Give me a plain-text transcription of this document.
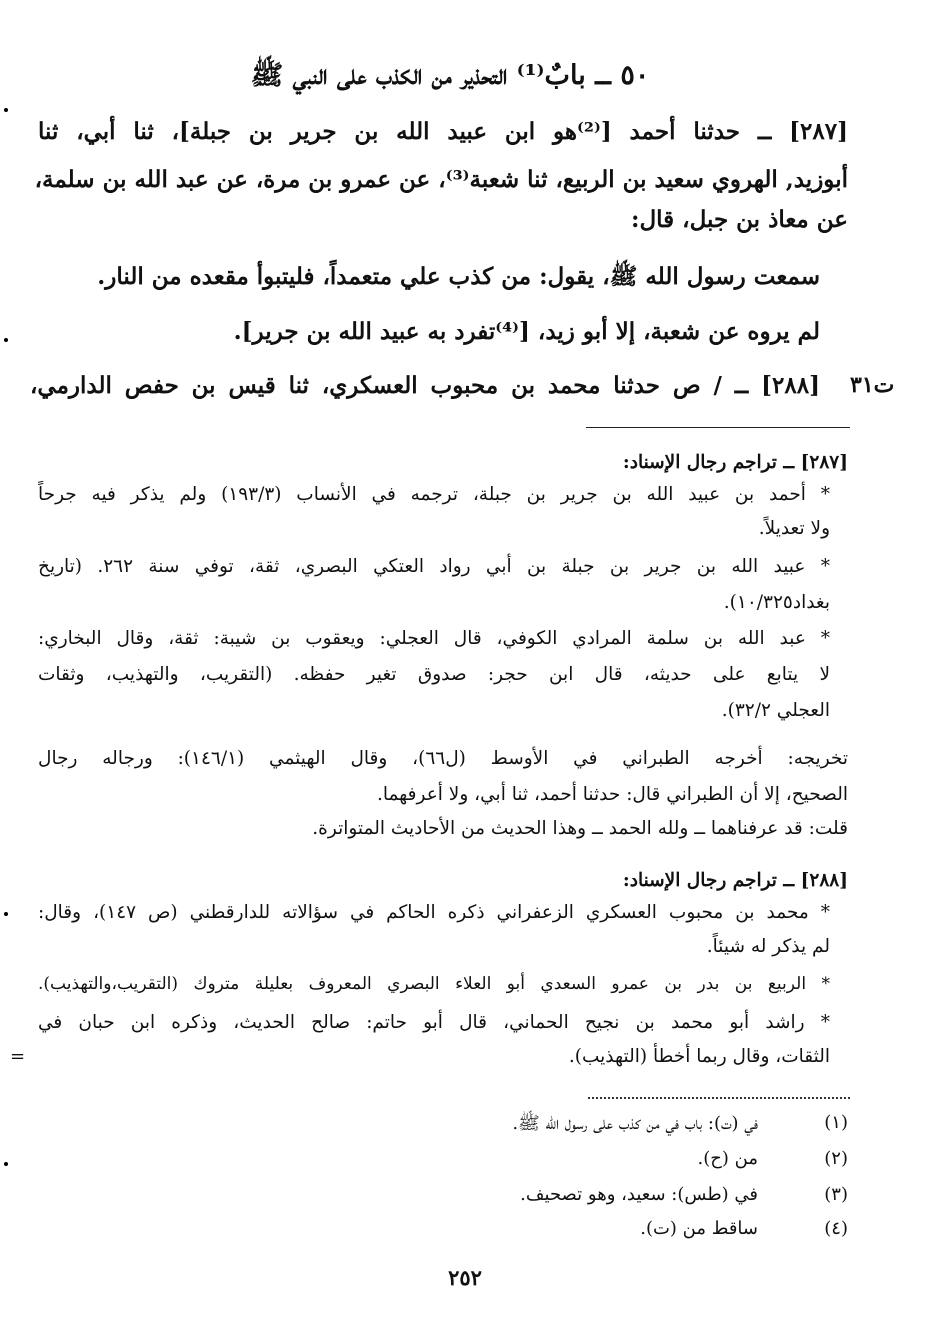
٥٠ ــ بابٌ⁽¹⁾ التحذير من الكذب على النبي ﷺ
[٢٨٧] ــ حدثنا أحمد [⁽²⁾هو ابن عبيد الله بن جرير بن جبلة]، ثنا أبي، ثنا
أبوزيد, الهروي سعيد بن الربيع، ثنا شعبة⁽³⁾، عن عمرو بن مرة، عن عبد الله بن سلمة،
عن معاذ بن جبل، قال:
سمعت رسول الله ﷺ، يقول: من كذب علي متعمداً، فليتبوأ مقعده من النار.
لم يروه عن شعبة، إلا أبو زيد، [⁽⁴⁾تفرد به عبيد الله بن جرير].
[٢٨٨] ــ / ص حدثنا محمد بن محبوب العسكري، ثنا قيس بن حفص الدارمي، ت٣١
[٢٨٧] ــ تراجم رجال الإسناد:
* أحمد بن عبيد الله بن جرير بن جبلة، ترجمه في الأنساب (١٩٣/٣) ولم يذكر فيه جرحاً
ولا تعديلاً.
* عبيد الله بن جرير بن جبلة بن أبي رواد العتكي البصري، ثقة، توفي سنة ٢٦٢. (تاريخ
بغداد١٠/٣٢٥).
* عبد الله بن سلمة المرادي الكوفي، قال العجلي: ويعقوب بن شيبة: ثقة، وقال البخاري:
لا يتابع على حديثه، قال ابن حجر: صدوق تغير حفظه. (التقريب، والتهذيب، وثقات
العجلي ٣٢/٢).
تخريجه: أخرجه الطبراني في الأوسط (ل٦٦)، وقال الهيثمي (١٤٦/١): ورجاله رجال
الصحيح، إلا أن الطبراني قال: حدثنا أحمد، ثنا أبي، ولا أعرفهما.
قلت: قد عرفناهما ــ ولله الحمد ــ وهذا الحديث من الأحاديث المتواترة.
[٢٨٨] ــ تراجم رجال الإسناد:
* محمد بن محبوب العسكري الزعفراني ذكره الحاكم في سؤالاته للدارقطني (ص ١٤٧)، وقال:
لم يذكر له شيئاً.
* الربيع بن بدر بن عمرو السعدي أبو العلاء البصري المعروف بعليلة متروك (التقريب،والتهذيب).
* راشد أبو محمد بن نجيح الحماني، قال أبو حاتم: صالح الحديث، وذكره ابن حبان في
الثقات، وقال ربما أخطأ (التهذيب).
(١)
في (ت): باب في من كذب على رسول الله ﷺ.
(٢)
من (ح).
(٣)
في (طس): سعيد، وهو تصحيف.
(٤)
ساقط من (ت).
٢٥٢
=
